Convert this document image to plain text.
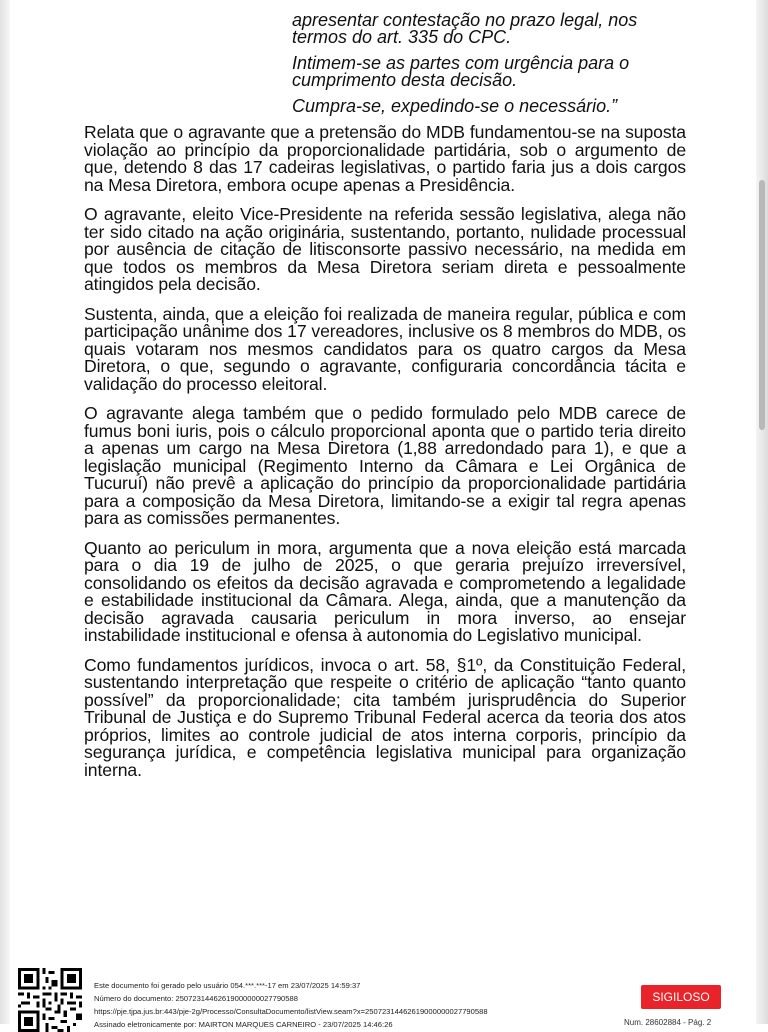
apresentar contestação no prazo legal, nos termos do art. 335 do CPC.

Intimem-se as partes com urgência para o cumprimento desta decisão.

Cumpra-se, expedindo-se o necessário.”

Relata que o agravante que a pretensão do MDB fundamentou-se na suposta violação ao princípio da proporcionalidade partidária, sob o argumento de que, detendo 8 das 17 cadeiras legislativas, o partido faria jus a dois cargos na Mesa Diretora, embora ocupe apenas a Presidência.

O agravante, eleito Vice-Presidente na referida sessão legislativa, alega não ter sido citado na ação originária, sustentando, portanto, nulidade processual por ausência de citação de litisconsorte passivo necessário, na medida em que todos os membros da Mesa Diretora seriam direta e pessoalmente atingidos pela decisão.

Sustenta, ainda, que a eleição foi realizada de maneira regular, pública e com participação unânime dos 17 vereadores, inclusive os 8 membros do MDB, os quais votaram nos mesmos candidatos para os quatro cargos da Mesa Diretora, o que, segundo o agravante, configuraria concordância tácita e validação do processo eleitoral.

O agravante alega também que o pedido formulado pelo MDB carece de fumus boni iuris, pois o cálculo proporcional aponta que o partido teria direito a apenas um cargo na Mesa Diretora (1,88 arredondado para 1), e que a legislação municipal (Regimento Interno da Câmara e Lei Orgânica de Tucuruí) não prevê a aplicação do princípio da proporcionalidade partidária para a composição da Mesa Diretora, limitando-se a exigir tal regra apenas para as comissões permanentes.

Quanto ao periculum in mora, argumenta que a nova eleição está marcada para o dia 19 de julho de 2025, o que geraria prejuízo irreversível, consolidando os efeitos da decisão agravada e comprometendo a legalidade e estabilidade institucional da Câmara. Alega, ainda, que a manutenção da decisão agravada causaria periculum in mora inverso, ao ensejar instabilidade institucional e ofensa à autonomia do Legislativo municipal.

Como fundamentos jurídicos, invoca o art. 58, §1º, da Constituição Federal, sustentando interpretação que respeite o critério de aplicação “tanto quanto possível” da proporcionalidade; cita também jurisprudência do Superior Tribunal de Justiça e do Supremo Tribunal Federal acerca da teoria dos atos próprios, limites ao controle judicial de atos interna corporis, princípio da segurança jurídica, e competência legislativa municipal para organização interna.

Este documento foi gerado pelo usuário 054.***.***-17 em 23/07/2025 14:59:37
Número do documento: 25072314462619000000027790588
https://pje.tjpa.jus.br:443/pje-2g/Processo/ConsultaDocumento/listView.seam?x=25072314462619000000027790588
Assinado eletronicamente por: MAIRTON MARQUES CARNEIRO - 23/07/2025 14:46:26
SIGILOSO
Num. 28602884 - Pág. 2
